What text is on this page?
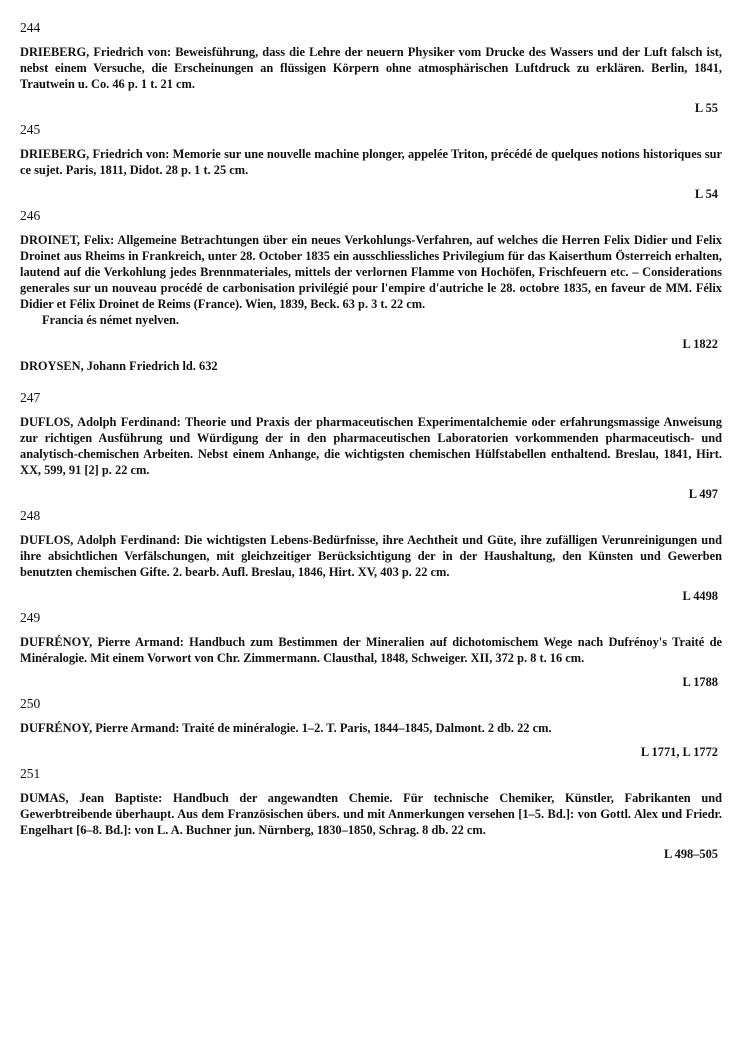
244
DRIEBERG, Friedrich von: Beweisführung, dass die Lehre der neuern Physiker vom Drucke des Wassers und der Luft falsch ist, nebst einem Versuche, die Erscheinungen an flüssigen Körpern ohne atmosphärischen Luftdruck zu erklären. Berlin, 1841, Trautwein u. Co. 46 p. 1 t. 21 cm.
L 55
245
DRIEBERG, Friedrich von: Memorie sur une nouvelle machine plonger, appelée Triton, précédé de quelques notions historiques sur ce sujet. Paris, 1811, Didot. 28 p. 1 t. 25 cm.
L 54
246
DROINET, Felix: Allgemeine Betrachtungen über ein neues Verkohlungs-Verfahren, auf welches die Herren Felix Didier und Felix Droinet aus Rheims in Frankreich, unter 28. October 1835 ein ausschliessliches Privilegium für das Kaiserthum Österreich erhalten, lautend auf die Verkohlung jedes Brennmateriales, mittels der verlornen Flamme von Hochöfen, Frischfeuern etc. – Considerations generales sur un nouveau procédé de carbonisation privilégié pour l'empire d'autriche le 28. octobre 1835, en faveur de MM. Félix Didier et Félix Droinet de Reims (France). Wien, 1839, Beck. 63 p. 3 t. 22 cm.
Francia és német nyelven.
L 1822
DROYSEN, Johann Friedrich ld. 632
247
DUFLOS, Adolph Ferdinand: Theorie und Praxis der pharmaceutischen Experimentalchemie oder erfahrungsmassige Anweisung zur richtigen Ausführung und Würdigung der in den pharmaceutischen Laboratorien vorkommenden pharmaceutisch- und analytisch-chemischen Arbeiten. Nebst einem Anhange, die wichtigsten chemischen Hülfstabellen enthaltend. Breslau, 1841, Hirt. XX, 599, 91 [2] p. 22 cm.
L 497
248
DUFLOS, Adolph Ferdinand: Die wichtigsten Lebens-Bedürfnisse, ihre Aechtheit und Güte, ihre zufälligen Verunreinigungen und ihre absichtlichen Verfälschungen, mit gleichzeitiger Berücksichtigung der in der Haushaltung, den Künsten und Gewerben benutzten chemischen Gifte. 2. bearb. Aufl. Breslau, 1846, Hirt. XV, 403 p. 22 cm.
L 4498
249
DUFRÉNOY, Pierre Armand: Handbuch zum Bestimmen der Mineralien auf dichotomischem Wege nach Dufrénoy's Traité de Minéralogie. Mit einem Vorwort von Chr. Zimmermann. Clausthal, 1848, Schweiger. XII, 372 p. 8 t. 16 cm.
L 1788
250
DUFRÉNOY, Pierre Armand: Traité de minéralogie. 1–2. T. Paris, 1844–1845, Dalmont. 2 db. 22 cm.
L 1771, L 1772
251
DUMAS, Jean Baptiste: Handbuch der angewandten Chemie. Für technische Chemiker, Künstler, Fabrikanten und Gewerbtreibende überhaupt. Aus dem Französischen übers. und mit Anmerkungen versehen [1–5. Bd.]: von Gottl. Alex und Friedr. Engelhart [6–8. Bd.]: von L. A. Buchner jun. Nürnberg, 1830–1850, Schrag. 8 db. 22 cm.
L 498–505
